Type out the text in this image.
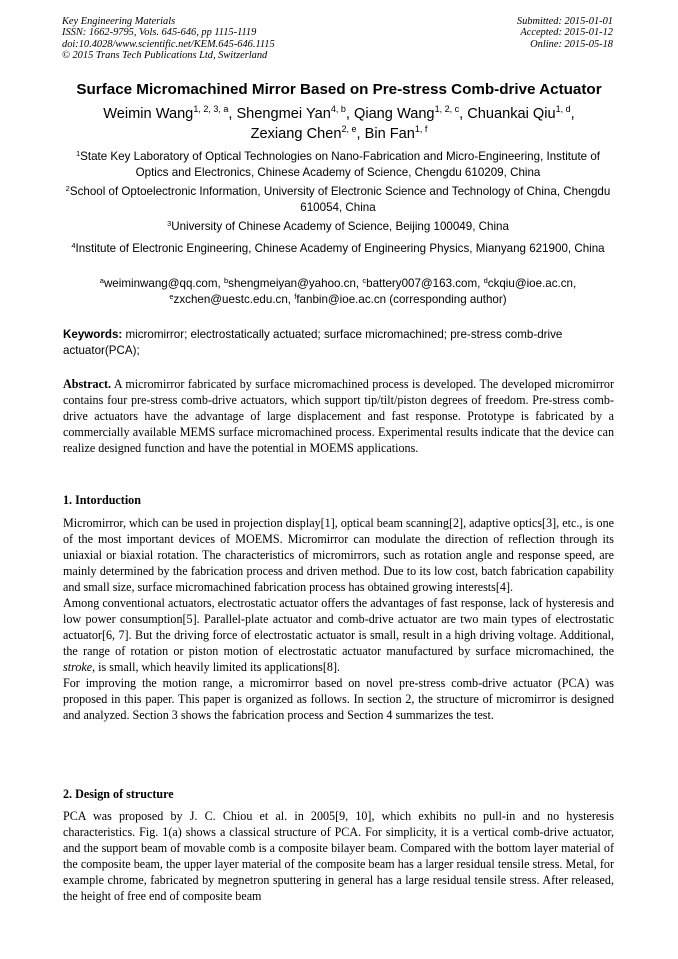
Key Engineering Materials
ISSN: 1662-9795, Vols. 645-646, pp 1115-1119
doi:10.4028/www.scientific.net/KEM.645-646.1115
© 2015 Trans Tech Publications Ltd, Switzerland
Submitted: 2015-01-01
Accepted: 2015-01-12
Online: 2015-05-18
Surface Micromachined Mirror Based on Pre-stress Comb-drive Actuator
Weimin Wang$^{1, 2, 3, a}$, Shengmei Yan$^{4, b}$, Qiang Wang$^{1, 2, c}$, Chuankai Qiu$^{1, d}$,
Zexiang Chen$^{2, e}$, Bin Fan$^{1, f}$
$^1$State Key Laboratory of Optical Technologies on Nano-Fabrication and Micro-Engineering, Institute of Optics and Electronics, Chinese Academy of Science, Chengdu 610209, China
$^2$School of Optoelectronic Information, University of Electronic Science and Technology of China, Chengdu 610054, China
$^3$University of Chinese Academy of Science, Beijing 100049, China
$^4$Institute of Electronic Engineering, Chinese Academy of Engineering Physics, Mianyang 621900, China
$^a$weiminwang@qq.com, $^b$shengmeiyan@yahoo.cn, $^c$battery007@163.com, $^d$ckqiu@ioe.ac.cn,
$^e$zxchen@uestc.edu.cn, $^f$fanbin@ioe.ac.cn (corresponding author)
Keywords: micromirror; electrostatically actuated; surface micromachined; pre-stress comb-drive actuator(PCA);
Abstract. A micromirror fabricated by surface micromachined process is developed. The developed micromirror contains four pre-stress comb-drive actuators, which support tip/tilt/piston degrees of freedom. Pre-stress comb-drive actuators have the advantage of large displacement and fast response. Prototype is fabricated by a commercially available MEMS surface micromachined process. Experimental results indicate that the device can realize designed function and have the potential in MOEMS applications.
1. Intorduction

Micromirror, which can be used in projection display[1], optical beam scanning[2], adaptive optics[3], etc., is one of the most important devices of MOEMS. Micromirror can modulate the direction of reflection through its uniaxial or biaxial rotation. The characteristics of micromirrors, such as rotation angle and response speed, are mainly determined by the fabrication process and driven method. Due to its low cost, batch fabrication capability and small size, surface micromachined fabrication process has obtained growing interests[4].

Among conventional actuators, electrostatic actuator offers the advantages of fast response, lack of hysteresis and low power consumption[5]. Parallel-plate actuator and comb-drive actuator are two main types of electrostatic actuator[6, 7]. But the driving force of electrostatic actuator is small, result in a high driving voltage. Additional, the range of rotation or piston motion of electrostatic actuator manufactured by surface micromachined, the stroke, is small, which heavily limited its applications[8].

For improving the motion range, a micromirror based on novel pre-stress comb-drive actuator (PCA) was proposed in this paper. This paper is organized as follows. In section 2, the structure of micromirror is designed and analyzed. Section 3 shows the fabrication process and Section 4 summarizes the test.

2. Design of structure

PCA was proposed by J. C. Chiou et al. in 2005[9, 10], which exhibits no pull-in and no hysteresis characteristics. Fig. 1(a) shows a classical structure of PCA. For simplicity, it is a vertical comb-drive actuator, and the support beam of movable comb is a composite bilayer beam. Compared with the bottom layer material of the composite beam, the upper layer material of the composite beam has a larger residual tensile stress. Metal, for example chrome, fabricated by megnetron sputtering in general has a large residual tensile stress. After released, the height of free end of composite beam
